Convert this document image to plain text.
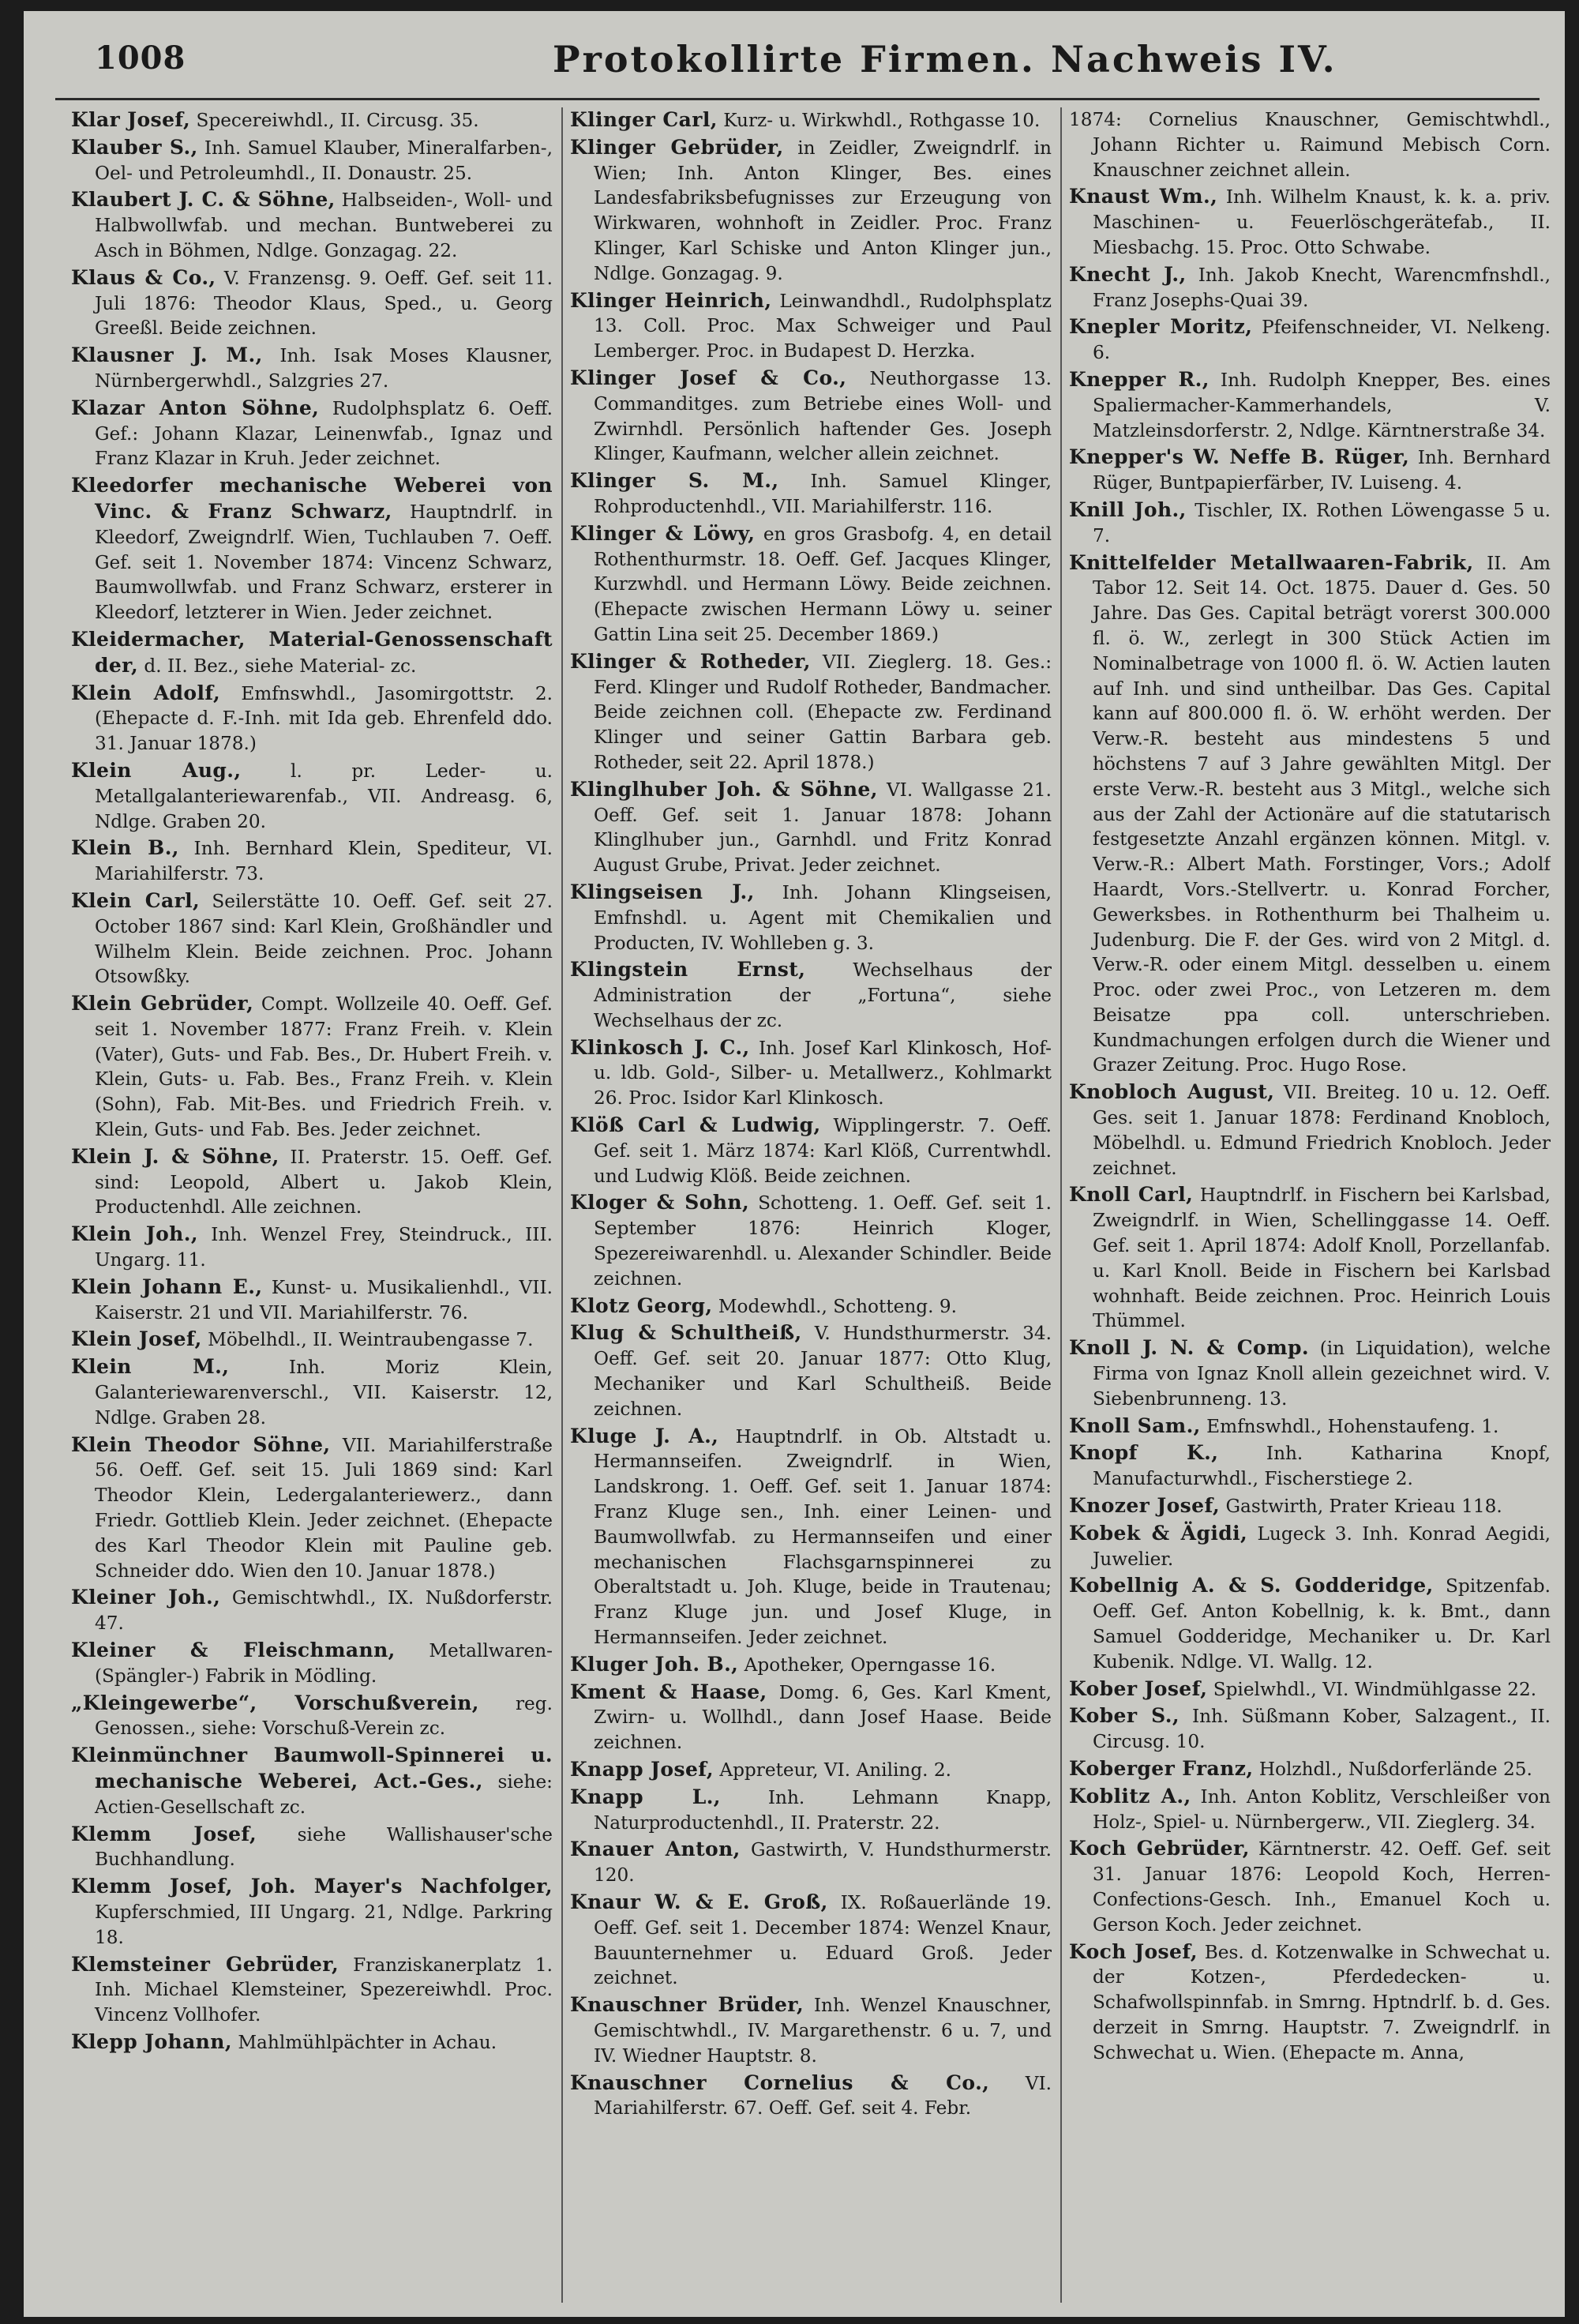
1008	Protokollirte Firmen. Nachweis IV.

Klar Josef, Specereiwhdl., II. Circusg. 35.

Klauber S., Inh. Samuel Klauber, Mineralfarben-, Oel- und Petroleumhdl., II. Donaustr. 25.

Klaubert J. C. & Söhne, Halbseiden-, Woll- und Halbwollwfab. und mechan. Buntweberei zu Asch in Böhmen, Ndlge. Gonzagag. 22.

Klaus & Co., V. Franzensg. 9. Oeff. Gef. seit 11. Juli 1876: Theodor Klaus, Sped., u. Georg Greeßl. Beide zeichnen.

Klausner J. M., Inh. Isak Moses Klausner, Nürnbergerwhdl., Salzgries 27.

Klazar Anton Söhne, Rudolphsplatz 6. Oeff. Gef.: Johann Klazar, Leinenwfab., Ignaz und Franz Klazar in Kruh. Jeder zeichnet.

Kleedorfer mechanische Weberei von Vinc. & Franz Schwarz, Hauptndrlf. in Kleedorf, Zweigndrlf. Wien, Tuchlauben 7. Oeff. Gef. seit 1. November 1874: Vincenz Schwarz, Baumwollwfab. und Franz Schwarz, ersterer in Kleedorf, letzterer in Wien. Jeder zeichnet.

Kleidermacher, Material-Genossenschaft der, d. II. Bez., siehe Material- zc.

Klein Adolf, Emfnswhdl., Jasomirgottstr. 2. (Ehepacte d. F.-Inh. mit Ida geb. Ehrenfeld ddo. 31. Januar 1878.)

Klein Aug.,	l. pr. Leder- u. Metallgalanteriewarenfab., VII. Andreasg. 6, Ndlge. Graben 20.

Klein B., Inh. Bernhard Klein, Spediteur, VI. Mariahilferstr. 73.

Klein Carl, Seilerstätte 10. Oeff. Gef. seit 27. October 1867 sind: Karl Klein, Großhändler und Wilhelm Klein. Beide zeichnen. Proc. Johann Otsowßky.

Klein Gebrüder, Compt. Wollzeile 40. Oeff. Gef. seit 1. November 1877: Franz Freih. v. Klein (Vater), Guts- und Fab. Bes., Dr. Hubert Freih. v. Klein, Guts- u. Fab. Bes., Franz Freih. v. Klein (Sohn), Fab. Mit-Bes. und Friedrich Freih. v. Klein, Guts- und Fab. Bes. Jeder zeichnet.

Klein J. & Söhne, II. Praterstr. 15. Oeff. Gef. sind: Leopold, Albert u. Jakob Klein, Productenhdl. Alle zeichnen.

Klein Joh., Inh. Wenzel Frey, Steindruck., III. Ungarg. 11.

Klein Johann E., Kunst- u. Musikalienhdl., VII. Kaiserstr. 21 und VII. Mariahilferstr. 76.

Klein Josef, Möbelhdl., II. Weintraubengasse 7.

Klein M.,	Inh. Moriz Klein, Galanteriewarenverschl., VII. Kaiserstr. 12, Ndlge. Graben 28.

Klein Theodor Söhne, VII. Mariahilferstraße 56. Oeff. Gef. seit 15. Juli 1869 sind: Karl Theodor Klein, Ledergalanteriewerz., dann Friedr. Gottlieb Klein. Jeder zeichnet. (Ehepacte des Karl Theodor Klein mit Pauline geb. Schneider ddo. Wien den 10. Januar 1878.)

Kleiner Joh., Gemischtwhdl., IX. Nußdorferstr. 47.

Kleiner & Fleischmann, Metallwaren- (Spängler-) Fabrik in Mödling.

„Kleingewerbe“, Vorschußverein, reg. Genossen., siehe: Vorschuß-Verein zc.

Kleinmünchner Baumwoll-Spinnerei u. mechanische Weberei, Act.-Ges., siehe: Actien-Gesellschaft zc.

Klemm Josef, siehe Wallishauser'sche Buchhandlung.

Klemm Josef, Joh. Mayer's Nachfolger, Kupferschmied, III Ungarg. 21, Ndlge. Parkring 18.

Klemsteiner Gebrüder, Franziskanerplatz 1. Inh. Michael Klemsteiner, Spezereiwhdl. Proc. Vincenz Vollhofer.

Klepp Johann, Mahlmühlpächter in Achau.

Klinger Carl, Kurz- u. Wirkwhdl., Rothgasse 10.

Klinger Gebrüder, in Zeidler, Zweigndrlf. in Wien; Inh. Anton Klinger, Bes. eines Landesfabriksbefugnisses zur Erzeugung von Wirkwaren, wohnhoft in Zeidler. Proc. Franz Klinger, Karl Schiske und Anton Klinger jun., Ndlge. Gonzagag. 9.

Klinger Heinrich, Leinwandhdl., Rudolphsplatz 13. Coll. Proc. Max Schweiger und Paul Lemberger. Proc. in Budapest D. Herzka.

Klinger Josef & Co., Neuthorgasse 13. Commanditges. zum Betriebe eines Woll- und Zwirnhdl. Persönlich haftender Ges. Joseph Klinger, Kaufmann, welcher allein zeichnet.

Klinger S. M., Inh. Samuel Klinger, Rohproductenhdl., VII. Mariahilferstr. 116.

Klinger & Löwy, en gros Grasbofg. 4, en detail Rothenthurmstr. 18. Oeff. Gef. Jacques Klinger, Kurzwhdl. und Hermann Löwy. Beide zeichnen. (Ehepacte zwischen Hermann Löwy u. seiner Gattin Lina seit 25. December 1869.)

Klinger & Rotheder, VII. Zieglerg. 18. Ges.: Ferd. Klinger und Rudolf Rotheder, Bandmacher. Beide zeichnen coll. (Ehepacte zw. Ferdinand Klinger und seiner Gattin Barbara geb. Rotheder, seit 22. April 1878.)

Klinglhuber Joh. & Söhne, VI. Wallgasse 21. Oeff. Gef. seit 1. Januar 1878: Johann Klinglhuber jun., Garnhdl. und Fritz Konrad August Grube, Privat. Jeder zeichnet.

Klingseisen J., Inh. Johann Klingseisen, Emfnshdl. u. Agent mit Chemikalien und Producten, IV. Wohlleben g. 3.

Klingstein Ernst,	Wechselhaus der Administration der „Fortuna“, siehe Wechselhaus der zc.

Klinkosch J. C., Inh. Josef Karl Klinkosch, Hof- u. ldb. Gold-, Silber- u. Metallwerz., Kohlmarkt 26. Proc. Isidor Karl Klinkosch.

Klöß Carl & Ludwig, Wipplingerstr. 7. Oeff. Gef. seit 1. März 1874: Karl Klöß, Currentwhdl. und Ludwig Klöß. Beide zeichnen.

Kloger & Sohn, Schotteng. 1. Oeff. Gef. seit 1. September 1876: Heinrich Kloger, Spezereiwarenhdl. u. Alexander Schindler. Beide zeichnen.

Klotz Georg, Modewhdl., Schotteng. 9.

Klug & Schultheiß, V. Hundsthurmerstr. 34. Oeff. Gef. seit 20. Januar 1877: Otto Klug, Mechaniker und Karl Schultheiß. Beide zeichnen.

Kluge J. A., Hauptndrlf. in Ob. Altstadt u. Hermannseifen. Zweigndrlf. in Wien, Landskrong. 1. Oeff. Gef. seit 1. Januar 1874: Franz Kluge sen., Inh. einer Leinen- und Baumwollwfab. zu Hermannseifen und einer mechanischen Flachsgarnspinnerei zu Oberaltstadt u. Joh. Kluge, beide in Trautenau; Franz Kluge jun. und Josef Kluge, in Hermannseifen. Jeder zeichnet.

Kluger Joh. B., Apotheker, Operngasse 16.

Kment & Haase, Domg. 6, Ges. Karl Kment, Zwirn- u. Wollhdl., dann Josef Haase. Beide zeichnen.

Knapp Josef, Appreteur, VI. Aniling. 2.

Knapp L.,	Inh. Lehmann Knapp, Naturproductenhdl., II. Praterstr. 22.

Knauer Anton, Gastwirth, V. Hundsthurmerstr. 120.

Knaur W. & E. Groß, IX. Roßauerlände 19. Oeff. Gef. seit 1. December 1874: Wenzel Knaur, Bauunternehmer u. Eduard Groß. Jeder zeichnet.

Knauschner Brüder, Inh. Wenzel Knauschner, Gemischtwhdl., IV. Margarethenstr. 6 u. 7, und IV. Wiedner Hauptstr. 8.

Knauschner Cornelius & Co., VI. Mariahilferstr. 67. Oeff. Gef. seit 4. Febr.

1874: Cornelius Knauschner, Gemischtwhdl., Johann Richter u. Raimund Mebisch Corn. Knauschner zeichnet allein.

Knaust Wm., Inh. Wilhelm Knaust, k. k. a. priv. Maschinen- u. Feuerlöschgerätefab., II. Miesbachg. 15. Proc. Otto Schwabe.

Knecht J., Inh. Jakob Knecht, Warencmfnshdl., Franz Josephs-Quai 39.

Knepler Moritz, Pfeifenschneider, VI. Nelkeng. 6.

Knepper R., Inh. Rudolph Knepper, Bes. eines Spaliermacher-Kammerhandels, V. Matzleinsdorferstr. 2, Ndlge. Kärntnerstraße 34.

Knepper's W. Neffe B. Rüger, Inh. Bernhard Rüger, Buntpapierfärber, IV. Luiseng. 4.

Knill Joh., Tischler, IX. Rothen Löwengasse 5 u. 7.

Knittelfelder Metallwaaren-Fabrik, II. Am Tabor 12. Seit 14. Oct. 1875. Dauer d. Ges. 50 Jahre. Das Ges. Capital beträgt vorerst 300.000 fl. ö. W., zerlegt in 300 Stück Actien im Nominalbetrage von 1000 fl. ö. W. Actien lauten auf Inh. und sind untheilbar. Das Ges. Capital kann auf 800.000 fl. ö. W. erhöht werden. Der Verw.-R. besteht aus mindestens 5 und höchstens 7 auf 3 Jahre gewählten Mitgl. Der erste Verw.-R. besteht aus 3 Mitgl., welche sich aus der Zahl der Actionäre auf die statutarisch festgesetzte Anzahl ergänzen können. Mitgl. v. Verw.-R.: Albert Math. Forstinger, Vors.; Adolf Haardt, Vors.-Stellvertr. u. Konrad Forcher, Gewerksbes. in Rothenthurm bei Thalheim u. Judenburg. Die F. der Ges. wird von 2 Mitgl. d. Verw.-R. oder einem Mitgl. desselben u. einem Proc. oder zwei Proc., von Letzeren m. dem Beisatze ppa coll. unterschrieben. Kundmachungen erfolgen durch die Wiener und Grazer Zeitung. Proc. Hugo Rose.

Knobloch August, VII. Breiteg. 10 u. 12. Oeff. Ges. seit 1. Januar 1878: Ferdinand Knobloch, Möbelhdl. u. Edmund Friedrich Knobloch. Jeder zeichnet.

Knoll Carl, Hauptndrlf. in Fischern bei Karlsbad, Zweigndrlf. in Wien, Schellinggasse 14. Oeff. Gef. seit 1. April 1874: Adolf Knoll, Porzellanfab. u. Karl Knoll. Beide in Fischern bei Karlsbad wohnhaft. Beide zeichnen. Proc. Heinrich Louis Thümmel.

Knoll J. N. & Comp. (in Liquidation), welche Firma von Ignaz Knoll allein gezeichnet wird. V. Siebenbrunneng. 13.

Knoll Sam., Emfnswhdl., Hohenstaufeng. 1.

Knopf K.,	Inh. Katharina Knopf, Manufacturwhdl., Fischerstiege 2.

Knozer Josef, Gastwirth, Prater Krieau 118.

Kobek & Ägidi, Lugeck 3. Inh. Konrad Aegidi, Juwelier.

Kobellnig A. & S. Godderidge, Spitzenfab. Oeff. Gef. Anton Kobellnig, k. k. Bmt., dann Samuel Godderidge, Mechaniker u. Dr. Karl Kubenik. Ndlge. VI. Wallg. 12.

Kober Josef, Spielwhdl., VI. Windmühlgasse 22.

Kober S., Inh. Süßmann Kober, Salzagent., II. Circusg. 10.

Koberger Franz, Holzhdl., Nußdorferlände 25.

Koblitz A., Inh. Anton Koblitz, Verschleißer von Holz-, Spiel- u. Nürnbergerw., VII. Zieglerg. 34.

Koch Gebrüder, Kärntnerstr. 42. Oeff. Gef. seit 31. Januar 1876: Leopold Koch, Herren-Confections-Gesch. Inh., Emanuel Koch u. Gerson Koch. Jeder zeichnet.

Koch Josef, Bes. d. Kotzenwalke in Schwechat u. der Kotzen-, Pferdedecken- u. Schafwollspinnfab. in Smrng. Hptndrlf. b. d. Ges. derzeit in Smrng. Hauptstr. 7. Zweigndrlf. in Schwechat u. Wien. (Ehepacte m. Anna,
